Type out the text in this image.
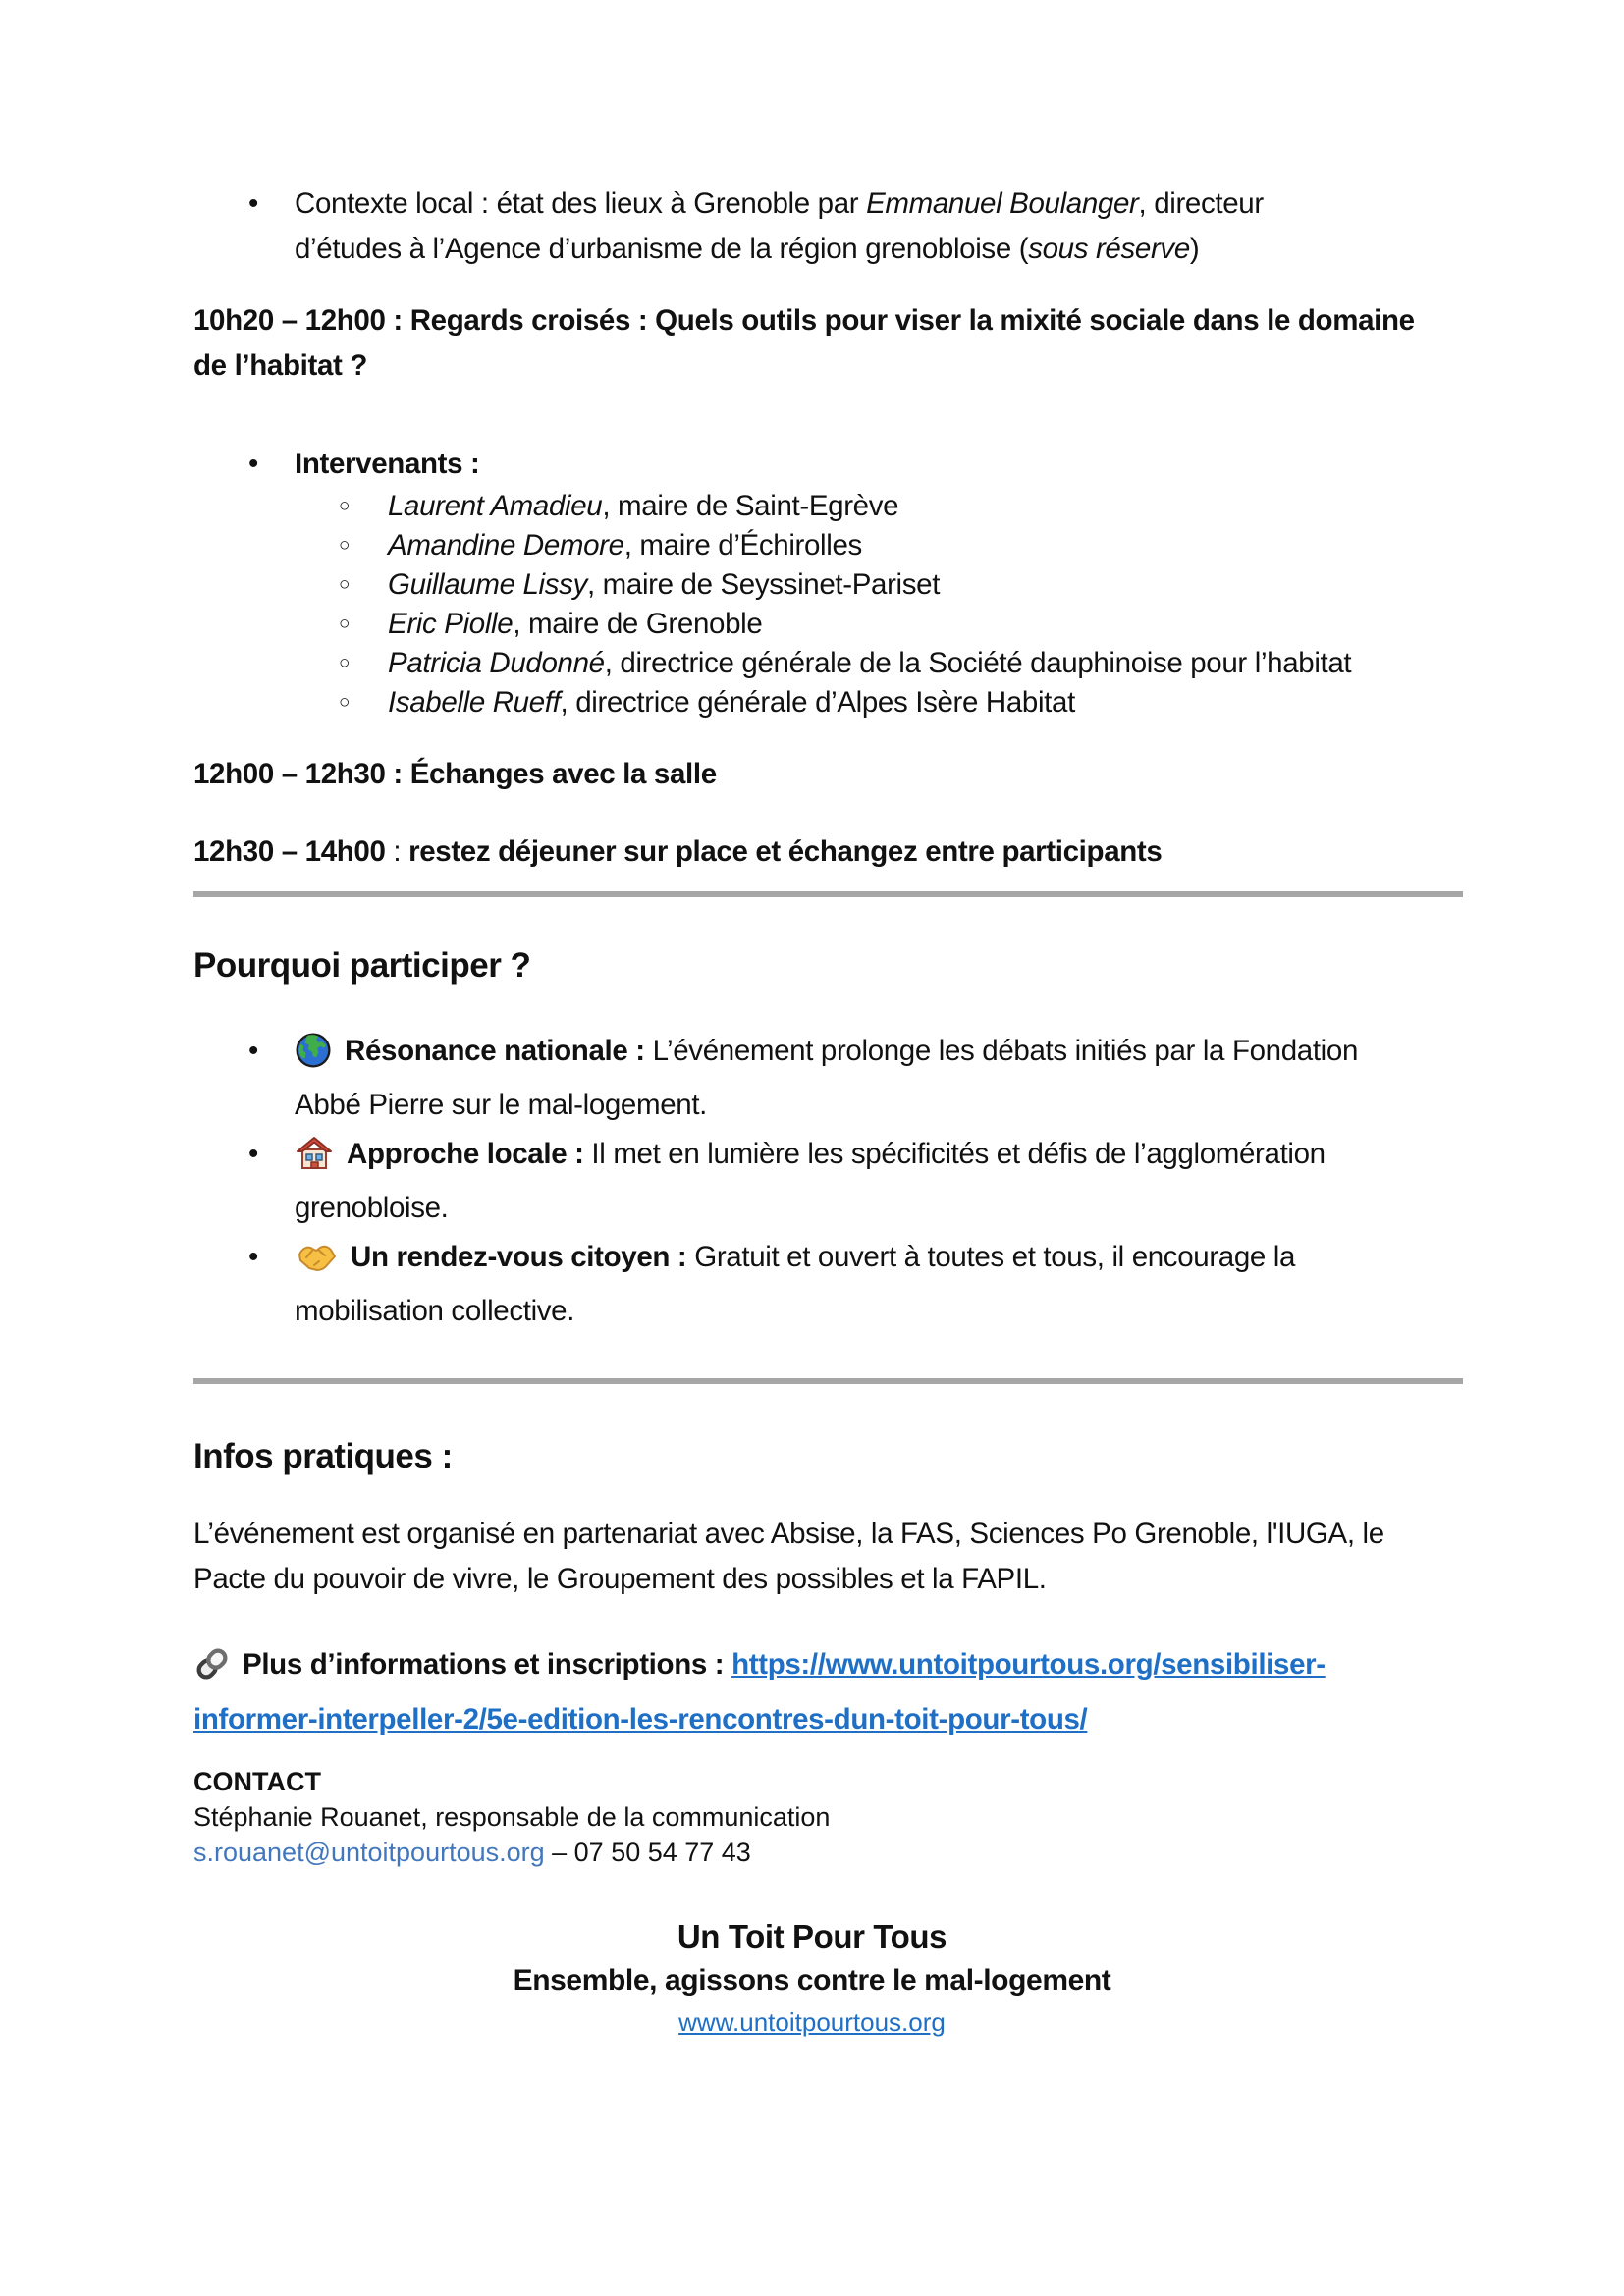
•	Contexte local : état des lieux à Grenoble par Emmanuel Boulanger, directeur
d’études à l’Agence d’urbanisme de la région grenobloise (sous réserve)

10h20 – 12h00 : Regards croisés : Quels outils pour viser la mixité sociale dans le domaine
de l’habitat ?

•	Intervenants :
○	Laurent Amadieu, maire de Saint-Egrève
○	Amandine Demore, maire d’Échirolles
○	Guillaume Lissy, maire de Seyssinet-Pariset
○	Eric Piolle, maire de Grenoble
○	Patricia Dudonné, directrice générale de la Société dauphinoise pour l’habitat
○	Isabelle Rueff, directrice générale d’Alpes Isère Habitat

12h00 – 12h30 : Échanges avec la salle

12h30 – 14h00 : restez déjeuner sur place et échangez entre participants

Pourquoi participer ?
•	Résonance nationale : L’événement prolonge les débats initiés par la Fondation
Abbé Pierre sur le mal-logement.
•	Approche locale : Il met en lumière les spécificités et défis de l’agglomération
grenobloise.
•	Un rendez-vous citoyen : Gratuit et ouvert à toutes et tous, il encourage la
mobilisation collective.
Infos pratiques :

L’événement est organisé en partenariat avec Absise, la FAS, Sciences Po Grenoble, l'IUGA, le
Pacte du pouvoir de vivre, le Groupement des possibles et la FAPIL.

Plus d’informations et inscriptions : https://www.untoitpourtous.org/sensibiliser-
informer-interpeller-2/5e-edition-les-rencontres-dun-toit-pour-tous/

CONTACT

Stéphanie Rouanet, responsable de la communication

s.rouanet@untoitpourtous.org – 07 50 54 77 43

Un Toit Pour Tous

Ensemble, agissons contre le mal-logement

www.untoitpourtous.org
